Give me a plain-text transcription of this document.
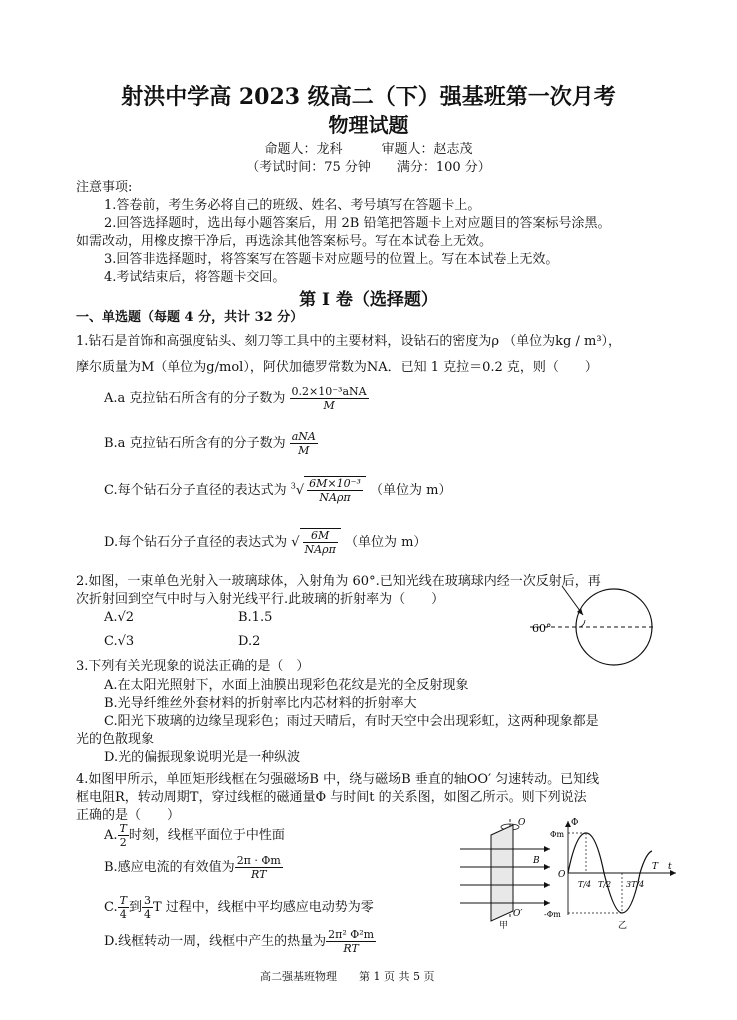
射洪中学高 2023 级高二（下）强基班第一次月考
物理试题
命题人：龙科　　　审题人：赵志茂
（考试时间：75 分钟　　满分：100 分）
注意事项:
1.答卷前，考生务必将自己的班级、姓名、考号填写在答题卡上。
2.回答选择题时，选出每小题答案后，用 2B 铅笔把答题卡上对应题目的答案标号涂黑。
如需改动，用橡皮擦干净后，再选涂其他答案标号。写在本试卷上无效。
3.回答非选择题时，将答案写在答题卡对应题号的位置上。写在本试卷上无效。
4.考试结束后，将答题卡交回。
第 I 卷（选择题）
一、单选题（每题 4 分，共计 32 分）
1.钻石是首饰和高强度钻头、刻刀等工具中的主要材料，设钻石的密度为ρ （单位为kg / m³），
摩尔质量为M（单位为g/mol），阿伏加德罗常数为NA．已知 1 克拉＝0.2 克，则（　　）
A.a 克拉钻石所含有的分子数为 $\frac{\text{0.2×10⁻³aNA}}{M}$
B.a 克拉钻石所含有的分子数为 $\frac{\text{aNA}}{M}$
C.每个钻石分子直径的表达式为 $^3√ \frac{\text{6M×10⁻³}}{\text{NAρπ}}$ （单位为 m）
D.每个钻石分子直径的表达式为 √ $\frac{6M}{\text{NAρπ}}$ （单位为 m）
2.如图，一束单色光射入一玻璃球体，入射角为 60°.已知光线在玻璃球内经一次反射后，再
次折射回到空气中时与入射光线平行.此玻璃的折射率为（　　）
A.√2	B.1.5
C.√3	D.2
60°
3.下列有关光现象的说法正确的是（　）
A.在太阳光照射下，水面上油膜出现彩色花纹是光的全反射现象
B.光导纤维丝外套材料的折射率比内芯材料的折射率大
C.阳光下玻璃的边缘呈现彩色；雨过天晴后，有时天空中会出现彩虹，这两种现象都是
光的色散现象
D.光的偏振现象说明光是一种纵波
4.如图甲所示，单匝矩形线框在匀强磁场B 中，绕与磁场B 垂直的轴OO′ 匀速转动。已知线
框电阻R，转动周期T，穿过线框的磁通量Φ 与时间t 的关系图，如图乙所示。则下列说法
正确的是（　　）
A. $\frac{T}{2}$ 时刻，线框平面位于中性面
B.感应电流的有效值为 $\frac{2\pi \cdot \Phi m}{RT}$
C. $\frac{T}{4}$ 到 $\frac{3}{4}$ T 过程中，线框中平均感应电动势为零
D.线框转动一周，线框中产生的热量为 $\frac{\text{2π² Φ²m}}{RT}$
O
B
O′
甲
Φ
Φm
O
-Φm
T/4 T/2 3T/4
T t
乙
高二强基班物理　　第 1 页 共 5 页
